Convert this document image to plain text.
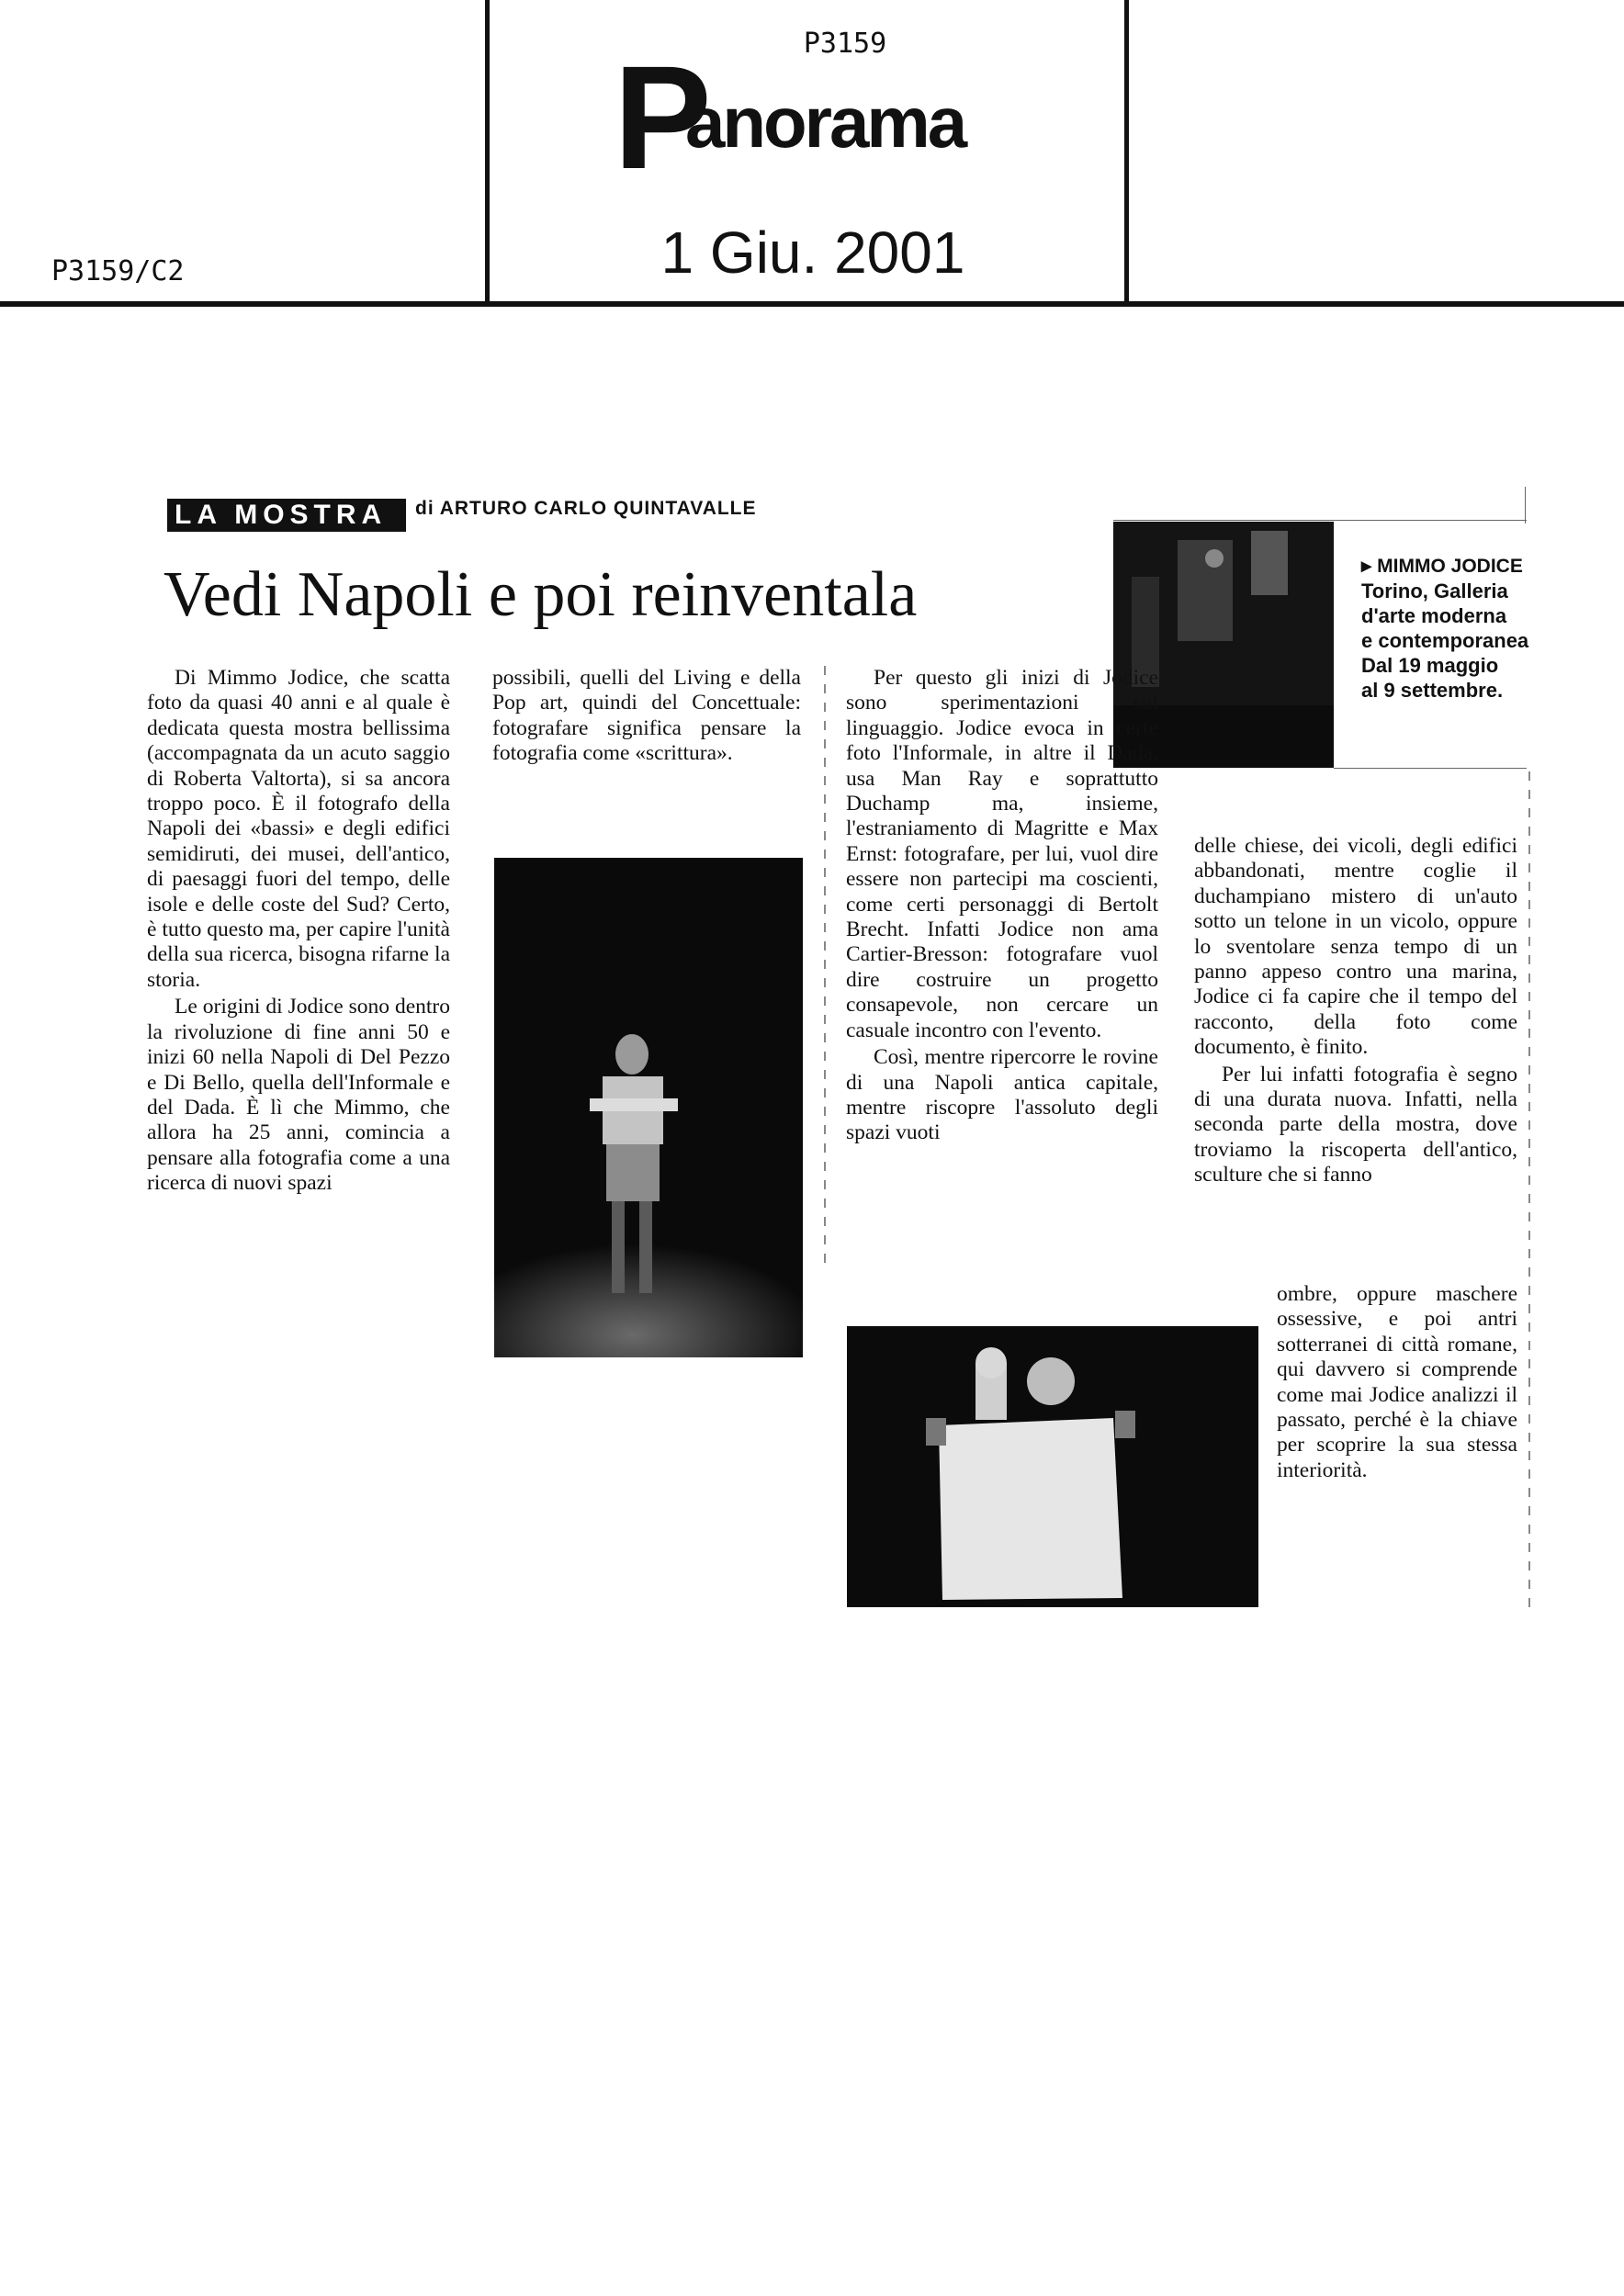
P3159
P
anorama
P3159/C2	1 Giu. 2001
LA MOSTRA	di ARTURO CARLO QUINTAVALLE
Vedi Napoli e poi reinventala	▸ MIMMO JODICE
Torino, Galleria
d'arte moderna
e contemporanea
Dal 19 maggio
al 9 settembre.

Di Mimmo Jodice, che scatta foto da quasi 40 anni e al quale è dedicata questa mostra bellissima (accompagnata da un acuto saggio di Roberta Valtorta), si sa ancora troppo poco. È il fotografo della Napoli dei «bassi» e degli edifici semidiruti, dei musei, dell'antico, di paesaggi fuori del tempo, delle isole e delle coste del Sud? Certo, è tutto questo ma, per capire l'unità della sua ricerca, bisogna rifarne la storia.

Le origini di Jodice sono dentro la rivoluzione di fine anni 50 e inizi 60 nella Napoli di Del Pezzo e Di Bello, quella dell'Informale e del Dada. È lì che Mimmo, che allora ha 25 anni, comincia a pensare alla fotografia come a una ricerca di nuovi spazi

possibili, quelli del Living e della Pop art, quindi del Concettuale: fotografare significa pensare la fotografia come «scrittura».

Per questo gli inizi di Jodice sono sperimentazioni sul linguaggio. Jodice evoca in certe foto l'Informale, in altre il Dada, usa Man Ray e soprattutto Duchamp ma, insieme, l'estraniamento di Magritte e Max Ernst: fotografare, per lui, vuol dire essere non partecipi ma coscienti, come certi personaggi di Bertolt Brecht. Infatti Jodice non ama Cartier-Bresson: fotografare vuol dire costruire un progetto consapevole, non cercare un casuale incontro con l'evento.

Così, mentre ripercorre le rovine di una Napoli antica capitale, mentre riscopre l'assoluto degli spazi vuoti

delle chiese, dei vicoli, degli edifici abbandonati, mentre coglie il duchampiano mistero di un'auto sotto un telone in un vicolo, oppure lo sventolare senza tempo di un panno appeso contro una marina, Jodice ci fa capire che il tempo del racconto, della foto come documento, è finito.

Per lui infatti fotografia è segno di una durata nuova. Infatti, nella seconda parte della mostra, dove troviamo la riscoperta dell'antico, sculture che si fanno

ombre, oppure maschere ossessive, e poi antri sotterranei di città romane, qui davvero si comprende come mai Jodice analizzi il passato, perché è la chiave per scoprire la sua stessa interiorità.
